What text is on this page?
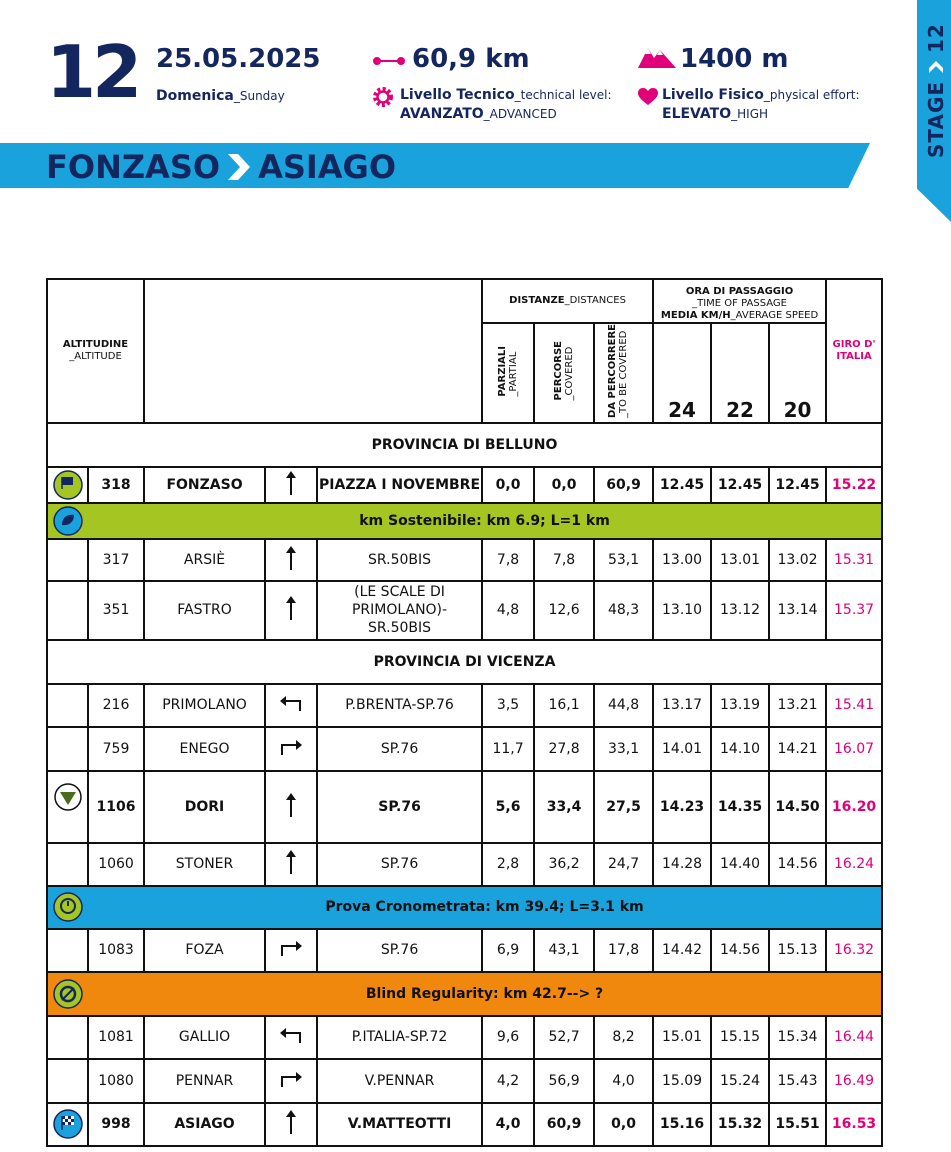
12 25.05.2025
Domenica_Sunday
60,9 km
Livello Tecnico_technical level:
AVANZATO_ADVANCED
1400 m
Livello Fisico_physical effort:
ELEVATO_HIGH
FONZASO ASIAGO
STAGE  12
ALTITUDINE
_ALTITUDE					DISTANZE_DISTANCES			ORA DI PASSAGGIO
_TIME OF PASSAGE
MEDIA KM/H_AVERAGE SPEED			GIRO D' ITALIA

					PARZIALI
_PARTIAL	PERCORSE
_COVERED	DA PERCORRERE
_TO BE COVERED	24	22	20	
PROVINCIA DI BELLUNO											

	318	FONZASO		PIAZZA I NOVEMBRE	0,0	0,0	60,9	12.45	12.45	12.45	15.22

	km Sostenibile: km 6.9; L=1 km										
	317	ARSIÈ		SR.50BIS	7,8	7,8	53,1	13.00	13.01	13.02	15.31
	351	FASTRO		(LE SCALE DI PRIMOLANO)-SR.50BIS	4,8	12,6	48,3	13.10	13.12	13.14	15.37
PROVINCIA DI VICENZA											
	216	PRIMOLANO		P.BRENTA-SP.76	3,5	16,1	44,8	13.17	13.19	13.21	15.41
	759	ENEGO		SP.76	11,7	27,8	33,1	14.01	14.10	14.21	16.07

	1106	DORI		SP.76	5,6	33,4	27,5	14.23	14.35	14.50	16.20
	1060	STONER		SP.76	2,8	36,2	24,7	14.28	14.40	14.56	16.24

	Prova Cronometrata: km 39.4; L=3.1 km										
	1083	FOZA		SP.76	6,9	43,1	17,8	14.42	14.56	15.13	16.32

	Blind Regularity: km 42.7--> ?										
	1081	GALLIO		P.ITALIA-SP.72	9,6	52,7	8,2	15.01	15.15	15.34	16.44
	1080	PENNAR		V.PENNAR	4,2	56,9	4,0	15.09	15.24	15.43	16.49

	998	ASIAGO		V.MATTEOTTI	4,0	60,9	0,0	15.16	15.32	15.51	16.53
